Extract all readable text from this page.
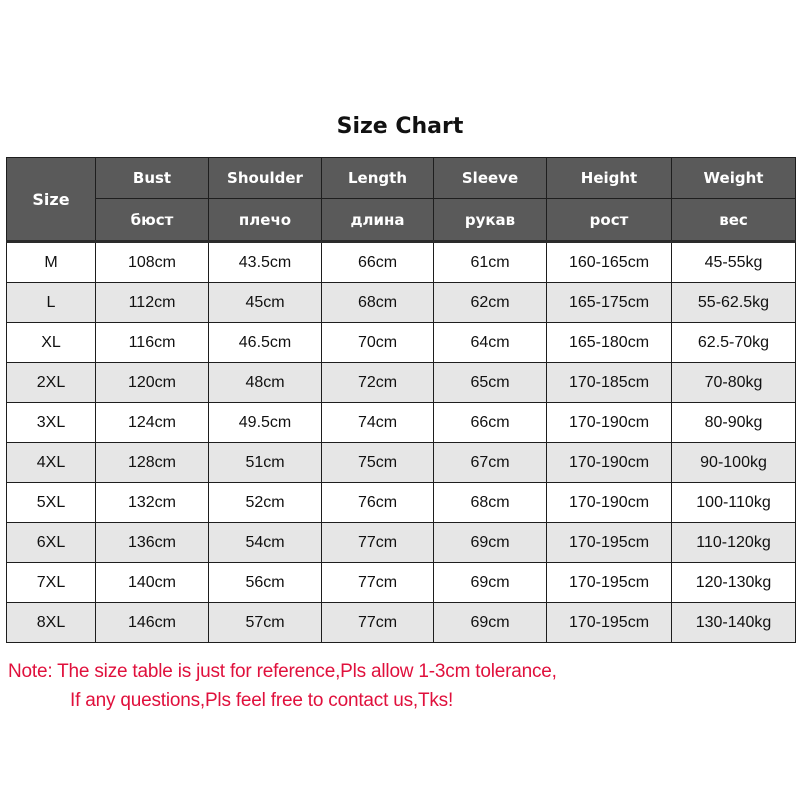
Size Chart
Size	Bust	Shoulder	Length	Sleeve	Height	Weight
	бюст	плечо	длина	рукав	рост	вес
M	108cm	43.5cm	66cm	61cm	160-165cm	45-55kg
L	112cm	45cm	68cm	62cm	165-175cm	55-62.5kg
XL	116cm	46.5cm	70cm	64cm	165-180cm	62.5-70kg
2XL	120cm	48cm	72cm	65cm	170-185cm	70-80kg
3XL	124cm	49.5cm	74cm	66cm	170-190cm	80-90kg
4XL	128cm	51cm	75cm	67cm	170-190cm	90-100kg
5XL	132cm	52cm	76cm	68cm	170-190cm	100-110kg
6XL	136cm	54cm	77cm	69cm	170-195cm	110-120kg
7XL	140cm	56cm	77cm	69cm	170-195cm	120-130kg
8XL	146cm	57cm	77cm	69cm	170-195cm	130-140kg
Note: The size table is just for reference,Pls allow 1-3cm tolerance,
If any questions,Pls feel free to contact us,Tks!
